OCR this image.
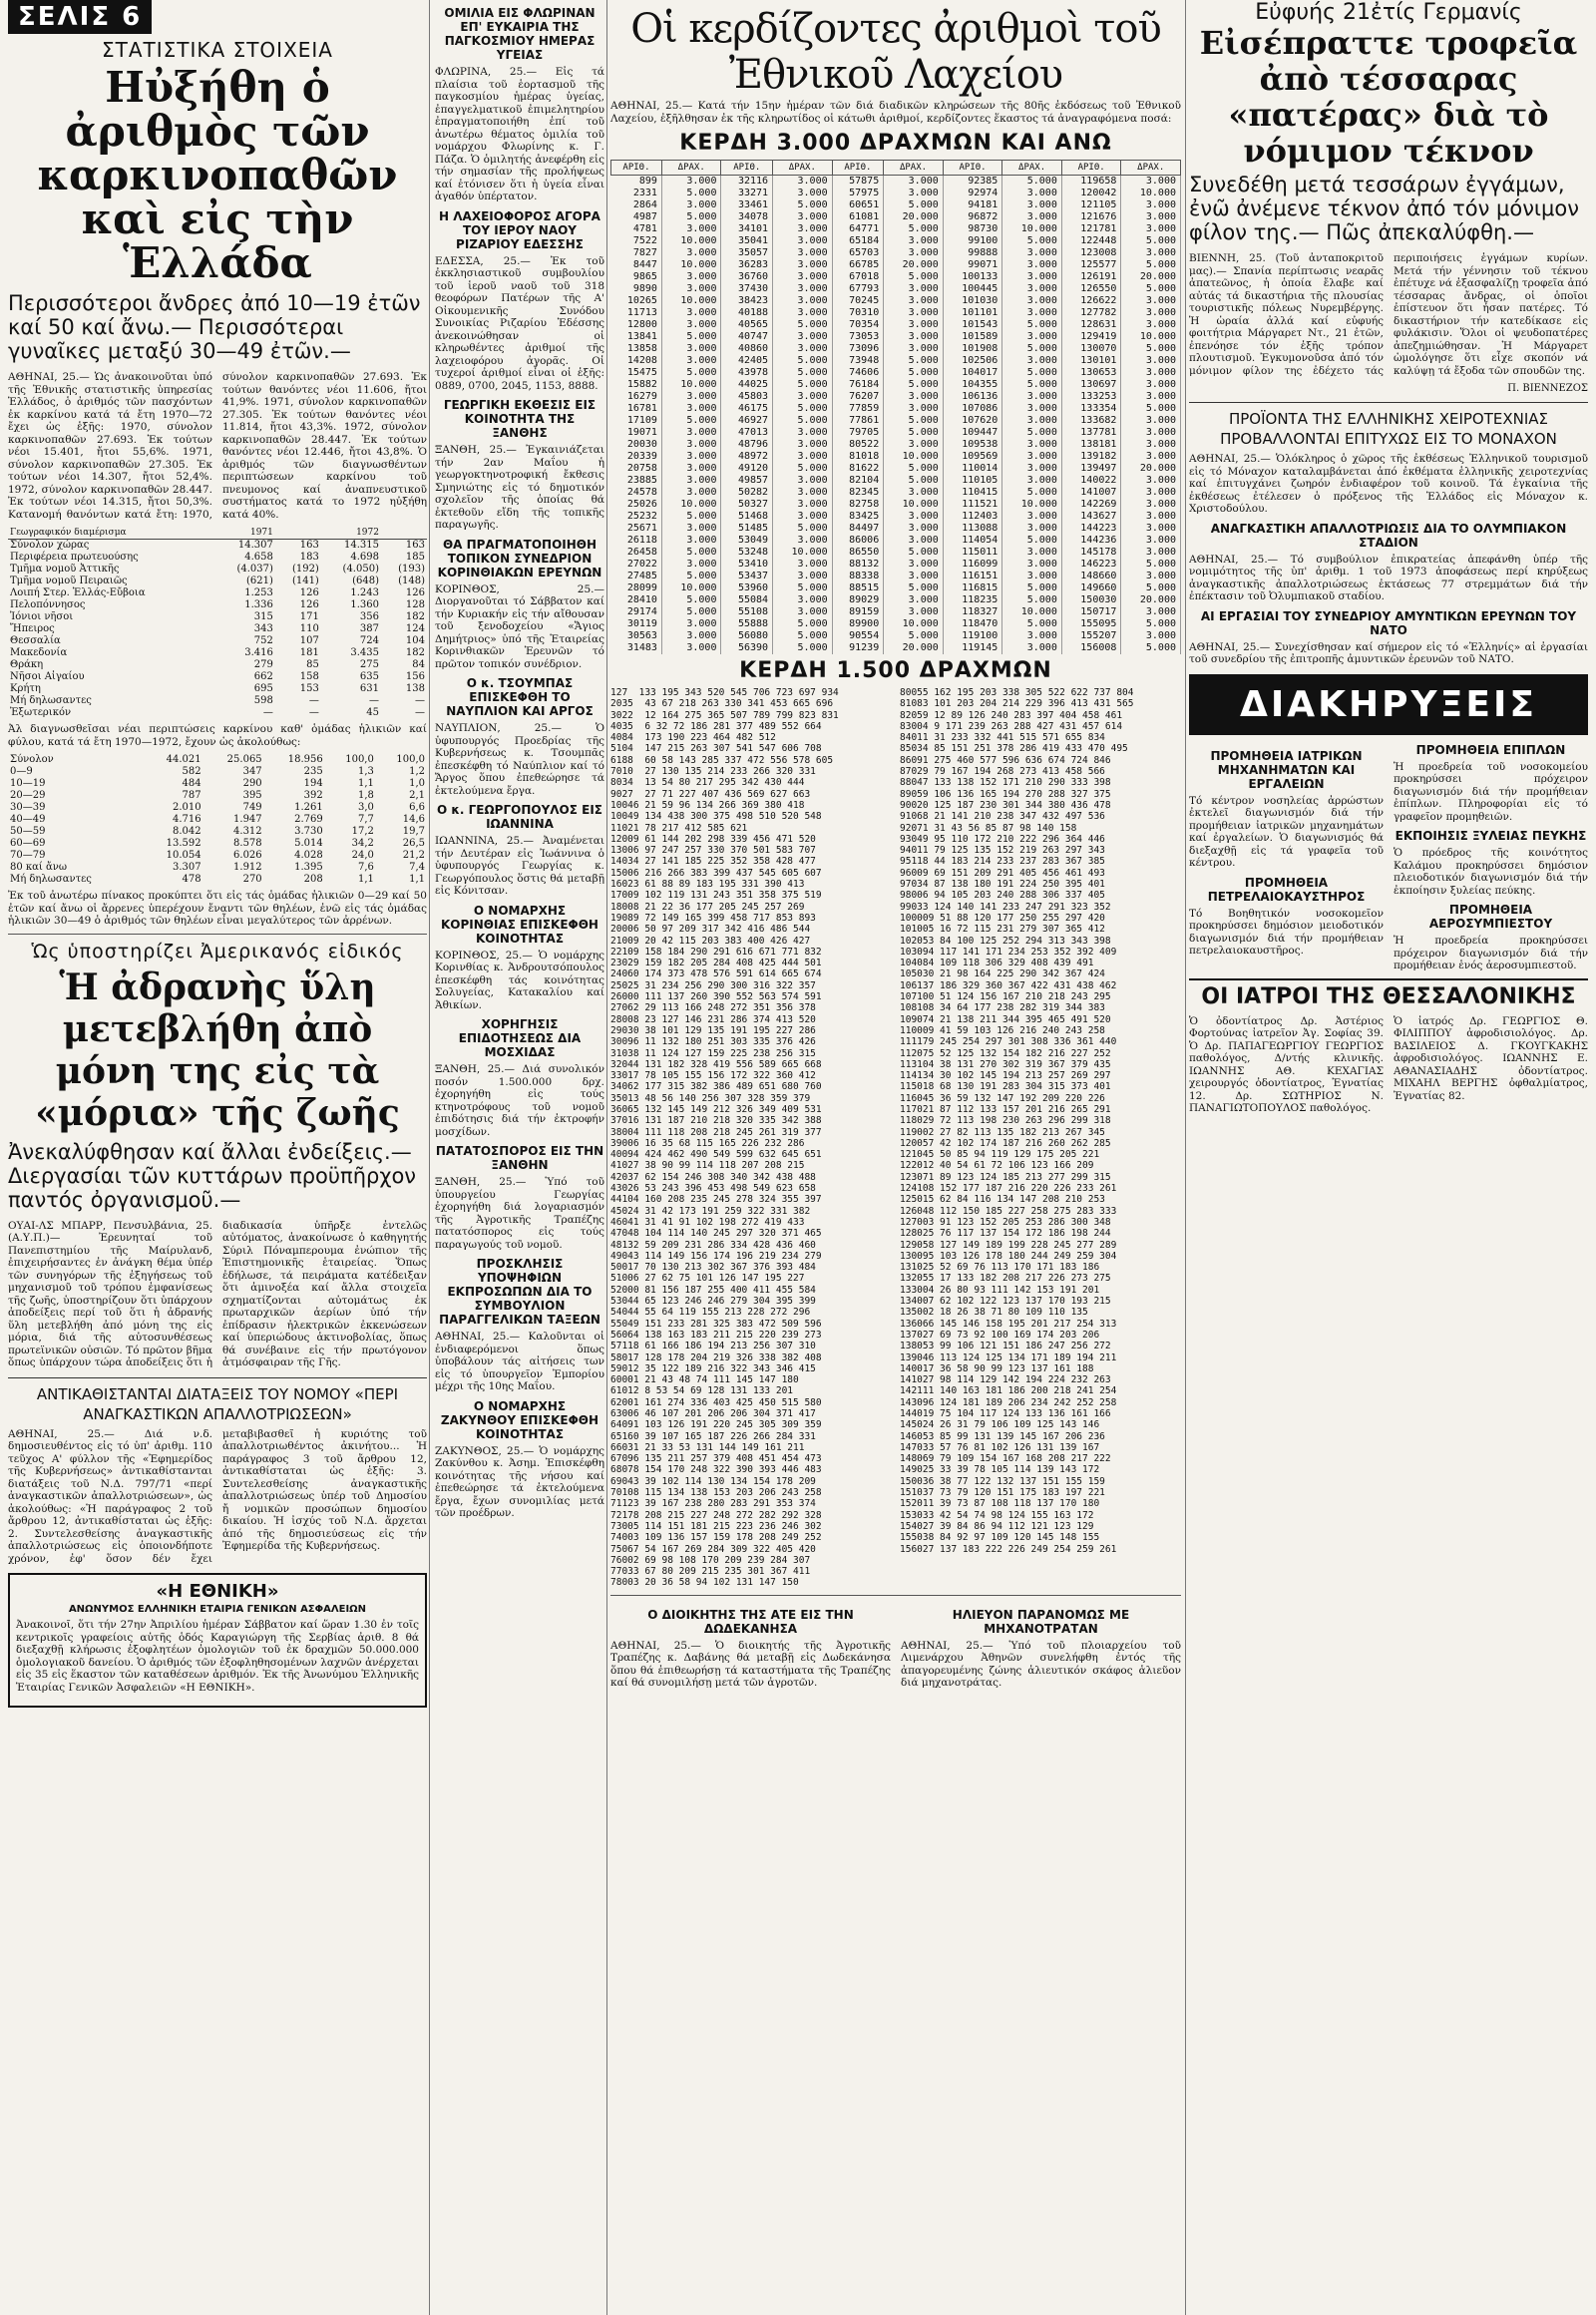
ΣΕΛΙΣ 6
ΣΤΑΤΙΣΤΙΚΑ ΣΤΟΙΧΕΙΑ
Ηὐξήθη ὁ ἀριθμὸς τῶν καρκινοπαθῶν καὶ εἰς τὴν Ἑλλάδα
Περισσότεροι ἄνδρες ἀπό 10—19 ἐτῶν καί 50 καί ἄνω.— Περισσότεραι γυναῖκες μεταξύ 30—49 ἐτῶν.—
ΑΘΗΝΑΙ, 25.— Ὡς ἀνακοινοῦται ὑπό τῆς Ἐθνικῆς στατιστικῆς ὑπηρεσίας Ἑλλάδος, ὁ ἀριθμός τῶν πασχόντων ἐκ καρκίνου κατά τά ἔτη 1970—72 ἔχει ὡς ἑξῆς: 1970, σύνολον καρκινοπαθῶν 27.693. Ἐκ τούτων νέοι 15.401, ἤτοι 55,6%. 1971, σύνολον καρκινοπαθῶν 27.305. Ἐκ τούτων νέοι 14.307, ἤτοι 52,4%. 1972, σύνολον καρκινοπαθῶν 28.447. Ἐκ τούτων νέοι 14.315, ἤτοι 50,3%. Κατανομή θανόντων κατά ἔτη: 1970, σύνολον καρκινοπαθῶν 27.693. Ἐκ τούτων θανόντες νέοι 11.606, ἤτοι 41,9%. 1971, σύνολον καρκινοπαθῶν 27.305. Ἐκ τούτων θανόντες νέοι 11.814, ἤτοι 43,3%. 1972, σύνολον καρκινοπαθῶν 28.447. Ἐκ τούτων θανόντες νέοι 12.446, ἤτοι 43,8%. Ὁ ἀριθμός τῶν διαγνωσθέντων περιπτώσεων καρκίνου τοῦ πνευμονος καί ἀναπνευστικοῦ συστήματος κατά το 1972 ηὐξήθη κατά 40%.
Γεωγραφικόν διαμέρισμα	1971		1972	
Σύνολον χώρας	14.307	163	14.315	163
Περιφέρεια πρωτευούσης	4.658	183	4.698	185
Τμῆμα νομοῦ Ἀττικῆς	(4.037)	(192)	(4.050)	(193)
Τμῆμα νομοῦ Πειραιῶς	(621)	(141)	(648)	(148)
Λοιπή Στερ. Ἑλλάς-Εὔβοια	1.253	126	1.243	126
Πελοπόννησος	1.336	126	1.360	128
Ἰόνιοι νῆσοι	315	171	356	182
Ἤπειρος	343	110	387	124
Θεσσαλία	752	107	724	104
Μακεδονία	3.416	181	3.435	182
Θράκη	279	85	275	84
Νῆσοι Αἰγαίου	662	158	635	156
Κρήτη	695	153	631	138
Μή δηλωσαντες	598	—	—	—
Ἐξωτερικόν	—	—	45	—
Ἀλ διαγνωσθεῖσαι νέαι περιπτώσεις καρκίνου καθ' ὁμάδας ἡλικιῶν καί φύλου, κατά τά ἔτη 1970—1972, ἔχουν ὡς ἀκολούθως:
Σύνολον	44.021	25.065	18.956	100,0	100,0
0—9	582	347	235	1,3	1,2
10—19	484	290	194	1,1	1,0
20—29	787	395	392	1,8	2,1
30—39	2.010	749	1.261	3,0	6,6
40—49	4.716	1.947	2.769	7,7	14,6
50—59	8.042	4.312	3.730	17,2	19,7
60—69	13.592	8.578	5.014	34,2	26,5
70—79	10.054	6.026	4.028	24,0	21,2
80 καί ἄνω	3.307	1.912	1.395	7,6	7,4
Μή δηλωσαντες	478	270	208	1,1	1,1
Ἐκ τοῦ ἀνωτέρω πίνακος προκύπτει ὅτι εἰς τάς ὁμάδας ἡλικιῶν 0—29 καί 50 ἐτῶν καί ἄνω οἱ ἄρρενες ὑπερέχουν ἔναντι τῶν θηλέων, ἐνῶ εἰς τάς ὁμάδας ἡλικιῶν 30—49 ὁ ἀριθμός τῶν θηλέων εἶναι μεγαλύτερος τῶν ἀρρένων.
Ὡς ὑποστηρίζει Ἀμερικανός εἰδικός
Ἡ ἀδρανὴς ὕλη μετεβλήθη ἀπὸ μόνη της εἰς τὰ «μόρια» τῆς ζωῆς
Ἀνεκαλύφθησαν καί ἄλλαι ἐνδείξεις.— Διεργασίαι τῶν κυττάρων προϋπῆρχον παντός ὀργανισμοῦ.—
ΟΥΑΙ-ΛΣ ΜΠΑΡΡ, Πενσυλβάνια, 25. (Α.Υ.Π.)— Ἐρευνηταί τοῦ Πανεπιστημίου τῆς Μαίρυλανδ, ἐπιχειρήσαντες ἐν ἀνάγκη θέμα ὑπέρ τῶν συνηγόρων τῆς ἐξηγήσεως τοῦ μηχανισμοῦ τοῦ τρόπου ἐμφανίσεως τῆς ζωῆς, ὑποστηρίζουν ὅτι ὑπάρχουν ἀποδείξεις περί τοῦ ὅτι ἡ ἀδρανής ὕλη μετεβλήθη ἀπό μόνη της εἰς μόρια, διά τῆς αὐτοσυνθέσεως πρωτεϊνικῶν οὐσιῶν. Τό πρῶτον βῆμα ὅπως ὑπάρχουν τώρα ἀποδείξεις ὅτι ἡ διαδικασία ὑπῆρξε ἐντελῶς αὐτόματος, ἀνακοίνωσε ὁ καθηγητής Σύριλ Πόναμπερουμα ἐνώπιον τῆς Ἐπιστημονικῆς ἑταιρείας. Ὅπως ἐδήλωσε, τά πειράματα κατέδειξαν ὅτι ἀμινοξέα καί ἄλλα στοιχεῖα σχηματίζονται αὐτομάτως ἐκ πρωταρχικῶν ἀερίων ὑπό τήν ἐπίδρασιν ἠλεκτρικῶν ἐκκενώσεων καί ὑπεριώδους ἀκτινοβολίας, ὅπως θά συνέβαινε εἰς τήν πρωτόγονον ἀτμόσφαιραν τῆς Γῆς.
ΑΝΤΙΚΑΘΙΣΤΑΝΤΑΙ ΔΙΑΤΑΞΕΙΣ ΤΟΥ ΝΟΜΟΥ «ΠΕΡΙ ΑΝΑΓΚΑΣΤΙΚΩΝ ΑΠΑΛΛΟΤΡΙΩΣΕΩΝ»
ΑΘΗΝΑΙ, 25.— Διά ν.δ. δημοσιευθέντος εἰς τό ὑπ' ἀριθμ. 110 τεῦχος Α' φύλλον τῆς «Ἐφημερίδος τῆς Κυβερνήσεως» ἀντικαθίστανται διατάξεις τοῦ Ν.Δ. 797/71 «περί ἀναγκαστικῶν ἀπαλλοτριώσεων», ὡς ἀκολούθως: «Ἡ παράγραφος 2 τοῦ ἄρθρου 12, ἀντικαθίσταται ὡς ἑξῆς: 2. Συντελεσθείσης ἀναγκαστικῆς ἀπαλλοτριώσεως εἰς ὁποιονδήποτε χρόνον, ἐφ' ὅσον δέν ἔχει μεταβιβασθεῖ ἡ κυριότης τοῦ ἀπαλλοτριωθέντος ἀκινήτου... Ἡ παράγραφος 3 τοῦ ἄρθρου 12, ἀντικαθίσταται ὡς ἑξῆς: 3. Συντελεσθείσης ἀναγκαστικῆς ἀπαλλοτριώσεως ὑπέρ τοῦ Δημοσίου ἤ νομικῶν προσώπων δημοσίου δικαίου. Ἡ ἰσχύς τοῦ Ν.Δ. ἄρχεται ἀπό τῆς δημοσιεύσεως εἰς τήν Ἐφημερίδα τῆς Κυβερνήσεως.
«Η ΕΘΝΙΚΗ»
ΑΝΩΝΥΜΟΣ ΕΛΛΗΝΙΚΗ ΕΤΑΙΡΙΑ ΓΕΝΙΚΩΝ ΑΣΦΑΛΕΙΩΝ
Ἀνακοινοῖ, ὅτι τήν 27ην Ἀπριλίου ἡμέραν Σάββατον καί ὥραν 1.30 ἐν τοῖς κεντρικοῖς γραφείοις αὐτῆς ὁδός Καραγιώργη τῆς Σερβίας ἀριθ. 8 θά διεξαχθῇ κλήρωσις ἐξοφλητέων ὁμολογιῶν τοῦ ἐκ δραχμῶν 50.000.000 ὁμολογιακοῦ δανείου. Ὁ ἀριθμός τῶν ἐξοφληθησομένων λαχνῶν ἀνέρχεται εἰς 35 εἰς ἕκαστον τῶν καταθέσεων ἀριθμόν. Ἐκ τῆς Ἀνωνύμου Ἑλληνικῆς Ἑταιρίας Γενικῶν Ἀσφαλειῶν «Η ΕΘΝΙΚΗ».
ΟΜΙΛΙΑ ΕΙΣ ΦΛΩΡΙΝΑΝ ΕΠ' ΕΥΚΑΙΡΙΑ ΤΗΣ ΠΑΓΚΟΣΜΙΟΥ ΗΜΕΡΑΣ ΥΓΕΙΑΣ
ΦΛΩΡΙΝΑ, 25.— Εἰς τά πλαίσια τοῦ ἑορτασμοῦ τῆς παγκοσμίου ἡμέρας ὑγείας, ἐπαγγελματικοῦ ἐπιμελητηρίου ἐπραγματοποιήθη ἐπί τοῦ ἀνωτέρω θέματος ὁμιλία τοῦ νομάρχου Φλωρίνης κ. Γ. Πάζα. Ὁ ὁμιλητής ἀνεφέρθη εἰς τήν σημασίαν τῆς προλήψεως καί ἐτόνισεν ὅτι ἡ ὑγεία εἶναι ἀγαθόν ὑπέρτατον.
Η ΛΑΧΕΙΟΦΟΡΟΣ ΑΓΟΡΑ ΤΟΥ ΙΕΡΟΥ ΝΑΟΥ ΡΙΖΑΡΙΟΥ ΕΔΕΣΣΗΣ
ΕΔΕΣΣΑ, 25.— Ἐκ τοῦ ἐκκλησιαστικοῦ συμβουλίου τοῦ ἱεροῦ ναοῦ τοῦ 318 θεοφόρων Πατέρων τῆς Α' Οἰκουμενικῆς Συνόδου Συνοικίας Ριζαρίου Ἐδέσσης ἀνεκοινώθησαν οἱ κληρωθέντες ἀριθμοί τῆς λαχειοφόρου ἀγορᾶς. Οἱ τυχεροί ἀριθμοί εἶναι οἱ ἑξῆς: 0889, 0700, 2045, 1153, 8888.
ΓΕΩΡΓΙΚΗ ΕΚΘΕΣΙΣ ΕΙΣ ΚΟΙΝΟΤΗΤΑ ΤΗΣ ΞΑΝΘΗΣ
ΞΑΝΘΗ, 25.— Ἐγκαινιάζεται τήν 2αν Μαΐου ἡ γεωργοκτηνοτροφική ἔκθεσις Σμηνιώτης εἰς τό δημοτικόν σχολεῖον τῆς ὁποίας θά ἐκτεθοῦν εἴδη τῆς τοπικῆς παραγωγῆς.
ΘΑ ΠΡΑΓΜΑΤΟΠΟΙΗΘΗ ΤΟΠΙΚΟΝ ΣΥΝΕΔΡΙΟΝ ΚΟΡΙΝΘΙΑΚΩΝ ΕΡΕΥΝΩΝ
ΚΟΡΙΝΘΟΣ, 25.— Διοργανοῦται τό Σάββατον καί τήν Κυριακήν εἰς τήν αἴθουσαν τοῦ ξενοδοχείου «Ἄγιος Δημήτριος» ὑπό τῆς Ἑταιρείας Κορινθιακῶν Ἐρευνῶν τό πρῶτον τοπικόν συνέδριον.
Ο κ. ΤΣΟΥΜΠΑΣ ΕΠΙΣΚΕΦΘΗ ΤΟ ΝΑΥΠΛΙΟΝ ΚΑΙ ΑΡΓΟΣ
ΝΑΥΠΛΙΟΝ, 25.— Ὁ ὑφυπουργός Προεδρίας τῆς Κυβερνήσεως κ. Τσουμπᾶς ἐπεσκέφθη τό Ναύπλιον καί τό Ἄργος ὅπου ἐπεθεώρησε τά ἐκτελούμενα ἔργα.
Ο κ. ΓΕΩΡΓΟΠΟΥΛΟΣ ΕΙΣ ΙΩΑΝΝΙΝΑ
ΙΩΑΝΝΙΝΑ, 25.— Ἀναμένεται τήν Δευτέραν εἰς Ἰωάννινα ὁ ὑφυπουργός Γεωργίας κ. Γεωργόπουλος ὅστις θά μεταβῇ εἰς Κόνιτσαν.
Ο ΝΟΜΑΡΧΗΣ ΚΟΡΙΝΘΙΑΣ ΕΠΙΣΚΕΦΘΗ ΚΟΙΝΟΤΗΤΑΣ
ΚΟΡΙΝΘΟΣ, 25.— Ὁ νομάρχης Κορινθίας κ. Ἀνδρουτσόπουλος ἐπεσκέφθη τάς κοινότητας Σολυγείας, Κατακαλίου καί Ἀθικίων.
ΧΟΡΗΓΗΣΙΣ ΕΠΙΔΟΤΗΣΕΩΣ ΔΙΑ ΜΟΣΧΙΔΑΣ
ΞΑΝΘΗ, 25.— Διά συνολικόν ποσόν 1.500.000 δρχ. ἐχορηγήθη εἰς τούς κτηνοτρόφους τοῦ νομοῦ ἐπιδότησις διά τήν ἐκτροφήν μοσχίδων.
ΠΑΤΑΤΟΣΠΟΡΟΣ ΕΙΣ ΤΗΝ ΞΑΝΘΗΝ
ΞΑΝΘΗ, 25.— Ὑπό τοῦ ὑπουργείου Γεωργίας ἐχορηγήθη διά λογαριασμόν τῆς Ἀγροτικῆς Τραπέζης πατατόσπορος εἰς τούς παραγωγούς τοῦ νομοῦ.
ΠΡΟΣΚΛΗΣΙΣ ΥΠΟΨΗΦΙΩΝ ΕΚΠΡΟΣΩΠΩΝ ΔΙΑ ΤΟ ΣΥΜΒΟΥΛΙΟΝ ΠΑΡΑΓΓΕΛΙΚΩΝ ΤΑΞΕΩΝ
ΑΘΗΝΑΙ, 25.— Καλοῦνται οἱ ἐνδιαφερόμενοι ὅπως ὑποβάλουν τάς αἰτήσεις των εἰς τό ὑπουργεῖον Ἐμπορίου μέχρι τῆς 10ης Μαΐου.
Ο ΝΟΜΑΡΧΗΣ ΖΑΚΥΝΘΟΥ ΕΠΙΣΚΕΦΘΗ ΚΟΙΝΟΤΗΤΑΣ
ΖΑΚΥΝΘΟΣ, 25.— Ὁ νομάρχης Ζακύνθου κ. Ἀσημ. Ἐπισκέφθη κοινότητας τῆς νήσου καί ἐπεθεώρησε τά ἐκτελούμενα ἔργα, ἔχων συνομιλίας μετά τῶν προέδρων.
Οἱ κερδίζοντες ἀριθμοὶ τοῦ Ἐθνικοῦ Λαχείου
ΑΘΗΝΑΙ, 25.— Κατά τήν 15ην ἡμέραν τῶν διά διαδικῶν κληρώσεων τῆς 80ῆς ἐκδόσεως τοῦ Ἐθνικοῦ Λαχείου, ἐξῆλθησαν ἐκ τῆς κληρωτίδος οἱ κάτωθι ἀριθμοί, κερδίζοντες ἕκαστος τά ἀναγραφόμενα ποσά:
ΚΕΡΔΗ 3.000 ΔΡΑΧΜΩΝ ΚΑΙ ΑΝΩ
ΑΡΙΘ.	ΔΡΑΧ.	ΑΡΙΘ.	ΔΡΑΧ.	ΑΡΙΘ.	ΔΡΑΧ.	ΑΡΙΘ.	ΔΡΑΧ.	ΑΡΙΘ.	ΔΡΑΧ.
899	3.000	32116	3.000	57875	3.000	92385	5.000	119658	3.000
2331	5.000	33271	3.000	57975	3.000	92974	3.000	120042	10.000
2864	3.000	33461	5.000	60651	5.000	94181	3.000	121105	3.000
4987	5.000	34078	3.000	61081	20.000	96872	3.000	121676	3.000
4781	3.000	34101	3.000	64771	5.000	98730	10.000	121781	3.000
7522	10.000	35041	3.000	65184	3.000	99100	5.000	122448	5.000
7827	3.000	35057	3.000	65703	3.000	99888	3.000	123008	3.000
8447	10.000	36283	3.000	66785	20.000	99071	3.000	125577	5.000
9865	3.000	36760	3.000	67018	5.000	100133	3.000	126191	20.000
9890	3.000	37430	3.000	67793	3.000	100445	3.000	126550	5.000
10265	10.000	38423	3.000	70245	3.000	101030	3.000	126622	3.000
11713	3.000	40188	3.000	70310	3.000	101101	3.000	127782	3.000
12800	3.000	40565	5.000	70354	3.000	101543	5.000	128631	3.000
13841	5.000	40747	3.000	73053	3.000	101589	3.000	129419	10.000
13858	3.000	40860	3.000	73096	3.000	101908	5.000	130070	5.000
14208	3.000	42405	5.000	73948	5.000	102506	3.000	130101	3.000
15475	5.000	43978	5.000	74606	5.000	104017	5.000	130653	3.000
15882	10.000	44025	5.000	76184	5.000	104355	5.000	130697	3.000
16279	3.000	45803	3.000	76207	3.000	106136	3.000	133253	3.000
16781	3.000	46175	5.000	77859	3.000	107086	3.000	133354	5.000
17109	5.000	46927	5.000	77861	5.000	107620	3.000	133682	3.000
19071	3.000	47013	3.000	79705	5.000	109447	5.000	137781	3.000
20030	3.000	48796	3.000	80522	3.000	109538	3.000	138181	3.000
20339	3.000	48972	3.000	81018	10.000	109569	3.000	139182	3.000
20758	3.000	49120	5.000	81622	5.000	110014	3.000	139497	20.000
23885	3.000	49857	3.000	82104	5.000	110105	3.000	140022	3.000
24578	3.000	50282	3.000	82345	3.000	110415	5.000	141007	3.000
25026	10.000	50327	3.000	82758	10.000	111521	10.000	142269	3.000
25232	5.000	51468	3.000	83425	3.000	112403	3.000	143627	3.000
25671	3.000	51485	5.000	84497	3.000	113088	3.000	144223	3.000
26118	3.000	53049	3.000	86006	3.000	114054	5.000	144236	3.000
26458	5.000	53248	10.000	86550	5.000	115011	3.000	145178	3.000
27022	3.000	53410	3.000	88132	3.000	116099	3.000	146223	5.000
27485	5.000	53437	3.000	88338	3.000	116151	3.000	148660	3.000
28099	10.000	53960	5.000	88515	5.000	116815	5.000	149660	5.000
28410	5.000	55084	3.000	89029	3.000	118235	5.000	150030	20.000
29174	5.000	55108	3.000	89159	3.000	118327	10.000	150717	3.000
30119	3.000	55888	5.000	89900	10.000	118470	5.000	155095	5.000
30563	3.000	56080	5.000	90554	5.000	119100	3.000	155207	3.000
31483	3.000	56390	5.000	91239	20.000	119145	3.000	156008	5.000
ΚΕΡΔΗ 1.500 ΔΡΑΧΜΩΝ
127  133 195 343 520 545 706 723 697 934
2035  43 67 218 263 330 341 453 665 696
3022  12 164 275 365 507 789 799 823 831
4035  6 32 72 186 281 377 489 552 664
4084  173 190 223 464 482 512
5104  147 215 263 307 541 547 606 708
6188  60 58 143 285 337 472 556 578 605
7010  27 130 135 214 233 266 320 331
8034  13 54 80 217 295 342 430 444
9027  27 71 227 407 436 569 627 663
10046 21 59 96 134 266 369 380 418
10049 134 438 300 375 498 510 520 548
11021 78 217 412 585 621
12009 61 144 202 298 339 456 471 520
13006 97 247 257 330 370 501 583 707
14034 27 141 185 225 352 358 428 477
15006 216 266 383 399 437 545 605 607
16023 61 88 89 183 195 331 390 413
17009 102 119 131 243 351 358 375 519
18008 21 22 36 177 205 245 257 269
19089 72 149 165 399 458 717 853 893
20006 50 97 209 317 342 416 486 544
21009 20 42 115 203 383 400 426 427
22109 158 184 290 291 616 671 771 832
23029 159 182 205 284 408 425 444 501
24060 174 373 478 576 591 614 665 674
25025 31 234 256 290 300 316 322 357
26000 111 137 260 390 552 563 574 591
27062 29 113 166 248 272 351 356 378
28008 23 127 146 231 286 374 413 520
29030 38 101 129 135 191 195 227 286
30096 11 132 180 251 303 335 376 426
31038 11 124 127 159 225 238 256 315
32044 131 182 328 419 556 589 665 668
33017 78 105 155 156 172 322 360 412
34062 177 315 382 386 489 651 680 760
35013 48 56 140 256 307 328 359 379
36065 132 145 149 212 326 349 409 531
37016 131 187 210 218 320 335 342 388
38004 111 118 208 218 245 261 319 377
39006 16 35 68 115 165 226 232 286
40094 424 462 490 549 599 632 645 651
41027 38 90 99 114 118 207 208 215
42037 62 154 246 308 340 342 438 488
43026 53 243 396 453 498 549 623 658
44104 160 208 235 245 278 324 355 397
45024 31 42 173 191 259 322 331 382
46041 31 41 91 102 198 272 419 433
47048 104 114 140 245 297 320 371 465
48132 59 209 231 286 334 428 436 460
49043 114 149 156 174 196 219 234 279
50017 70 130 213 302 367 376 393 484
51006 27 62 75 101 126 147 195 227
52000 81 156 187 255 400 411 455 584
53044 65 123 246 246 279 304 395 399
54044 55 64 119 155 213 228 272 296
55049 151 233 281 325 383 472 509 596
56064 138 163 183 211 215 220 239 273
57118 61 166 186 194 213 256 307 310
58017 128 178 204 219 326 338 382 408
59012 35 122 189 216 322 343 346 415
60001 21 43 48 74 111 145 147 180
61012 8 53 54 69 128 131 133 201
62001 161 274 336 403 425 450 515 580
63006 46 107 201 206 206 304 371 417
64091 103 126 191 220 245 305 309 359
65160 39 107 165 187 226 266 284 331
66031 21 33 53 131 144 149 161 211
67096 135 211 257 379 408 451 454 473
68078 154 170 248 322 390 393 446 483
69043 39 102 114 130 134 154 178 209
70108 115 134 138 153 203 206 243 258
71123 39 167 238 280 283 291 353 374
72178 208 215 227 248 272 282 292 328
73005 114 151 181 215 223 236 246 302
74003 109 136 157 159 178 208 249 252
75067 54 167 269 284 309 322 405 420
76002 69 98 108 170 209 239 284 307
77033 67 80 209 215 235 301 367 411
78003 20 36 58 94 102 131 147 150
80055 162 195 203 338 305 522 622 737 804
81083 101 203 204 214 229 396 413 431 565
82059 12 89 126 240 283 397 404 458 461
83004 9 171 239 263 288 427 431 457 614
84011 31 233 332 441 515 571 655 834
85034 85 151 251 378 286 419 433 470 495
86091 275 460 577 596 636 674 724 846
87029 79 167 194 268 273 413 458 566
88047 133 138 152 171 210 290 333 398
89059 106 136 165 194 270 288 327 375
90020 125 187 230 301 344 380 436 478
91068 21 141 210 238 347 432 497 536
92071 31 43 56 85 87 98 140 158
93049 95 110 172 210 222 296 364 446
94011 79 125 135 152 219 263 297 343
95118 44 183 214 233 237 283 367 385
96009 69 151 209 291 405 456 461 493
97034 87 138 180 191 224 250 395 401
98006 94 105 203 240 288 306 337 405
99033 124 140 141 233 247 291 323 352
100009 51 88 120 177 250 255 297 420
101005 16 72 115 231 279 307 365 412
102053 84 100 125 252 294 313 343 398
103094 117 141 171 234 253 352 392 409
104084 109 118 306 329 408 439 491
105030 21 98 164 225 290 342 367 424
106137 186 329 360 367 422 431 438 462
107100 51 124 156 167 210 218 243 295
108108 34 64 177 238 282 319 344 383
109074 21 138 211 344 395 465 491 520
110009 41 59 103 126 216 240 243 258
111179 245 254 297 301 308 336 361 440
112075 52 125 132 154 182 216 227 252
113104 38 131 270 302 319 367 379 435
114134 30 102 145 194 213 257 269 297
115018 68 130 191 283 304 315 373 401
116045 36 59 132 147 192 209 220 226
117021 87 112 133 157 201 216 265 291
118029 72 113 198 230 263 296 299 318
119002 27 82 113 135 182 213 267 345
120057 42 102 174 187 216 260 262 285
121045 50 85 94 119 129 175 205 221
122012 40 54 61 72 106 123 166 209
123071 89 123 124 185 213 277 299 315
124108 152 177 187 216 220 226 233 261
125015 62 84 116 134 147 208 210 253
126048 112 150 185 227 258 275 283 333
127003 91 123 152 205 253 286 300 348
128025 76 117 137 154 172 186 198 244
129058 127 149 189 199 228 245 277 289
130095 103 126 178 180 244 249 259 304
131025 52 69 76 113 170 171 183 186
132055 17 133 182 208 217 226 273 275
133004 26 80 93 111 142 153 191 201
134007 62 102 122 123 137 170 193 215
135002 18 26 38 71 80 109 110 135
136066 145 146 158 195 201 217 254 313
137027 69 73 92 100 169 174 203 206
138053 99 106 121 151 186 247 256 272
139046 113 124 125 134 171 189 194 211
140017 36 58 90 99 123 137 161 188
141027 98 114 129 142 194 224 232 263
142111 140 163 181 186 200 218 241 254
143096 124 181 189 206 234 242 252 258
144019 75 104 117 124 133 136 161 166
145024 26 31 79 106 109 125 143 146
146053 85 99 131 139 145 167 206 236
147033 57 76 81 102 126 131 139 167
148069 79 109 154 167 168 208 217 222
149025 33 39 78 105 114 139 143 172
150036 38 77 122 132 137 151 155 159
151037 73 79 120 151 175 183 197 221
152011 39 73 87 108 118 137 170 180
153033 42 54 74 98 124 155 163 172
154027 39 84 86 94 112 121 123 129
155038 84 92 97 109 120 145 148 155
156027 137 183 222 226 249 254 259 261
Ο ΔΙΟΙΚΗΤΗΣ ΤΗΣ ΑΤΕ ΕΙΣ ΤΗΝ ΔΩΔΕΚΑΝΗΣΑ
ΑΘΗΝΑΙ, 25.— Ὁ διοικητής τῆς Ἀγροτικῆς Τραπέζης κ. Δαβάνης θά μεταβῇ εἰς Δωδεκάνησα ὅπου θά ἐπιθεωρήσῃ τά καταστήματα τῆς Τραπέζης καί θά συνομιλήσῃ μετά τῶν ἀγροτῶν.
ΗΛΙΕΥΟΝ ΠΑΡΑΝΟΜΩΣ ΜΕ ΜΗΧΑΝΟΤΡΑΤΑΝ
ΑΘΗΝΑΙ, 25.— Ὑπό τοῦ πλοιαρχείου τοῦ Λιμενάρχου Ἀθηνῶν συνελήφθη ἐντός τῆς ἀπαγορευμένης ζώνης ἁλιευτικόν σκάφος ἁλιεῦον διά μηχανοτράτας.
Εὐφυής 21ἐτίς Γερμανίς
Εἰσέπραττε τροφεῖα ἀπὸ τέσσαρας «πατέρας» διὰ τὸ νόμιμον τέκνον
Συνεδέθη μετά τεσσάρων ἐγγάμων, ἐνῶ ἀνέμενε τέκνον ἀπό τόν μόνιμον φίλον της.— Πῶς ἀπεκαλύφθη.—
ΒΙΕΝΝΗ, 25. (Τοῦ ἀνταποκριτοῦ μας).— Σπανία περίπτωσις νεαρᾶς ἀπατεῶνος, ἡ ὁποία ἔλαβε καί αὐτάς τά δικαστήρια τῆς πλουσίας τουριστικῆς πόλεως Νυρεμβέργης. Ἡ ὡραία ἀλλά καί εὐφυής φοιτήτρια Μάργαρετ Ντ., 21 ἐτῶν, ἐπενόησε τόν ἑξῆς τρόπον πλουτισμοῦ. Ἐγκυμονοῦσα ἀπό τόν μόνιμον φίλον της ἐδέχετο τάς περιποιήσεις ἐγγάμων κυρίων. Μετά τήν γέννησιν τοῦ τέκνου ἐπέτυχε νά ἐξασφαλίζῃ τροφεῖα ἀπό τέσσαρας ἄνδρας, οἱ ὁποῖοι ἐπίστευον ὅτι ἦσαν πατέρες. Τό δικαστήριον τήν κατεδίκασε εἰς φυλάκισιν. Ὅλοι οἱ ψευδοπατέρες ἀπεζημιώθησαν. Ἡ Μάργαρετ ὡμολόγησε ὅτι εἶχε σκοπόν νά καλύψῃ τά ἔξοδα τῶν σπουδῶν της.
Π. ΒΙΕΝΝΕΖΟΣ
ΠΡΟΪΟΝΤΑ ΤΗΣ ΕΛΛΗΝΙΚΗΣ ΧΕΙΡΟΤΕΧΝΙΑΣ ΠΡΟΒΑΛΛΟΝΤΑΙ ΕΠΙΤΥΧΩΣ ΕΙΣ ΤΟ ΜΟΝΑΧΟΝ
ΑΘΗΝΑΙ, 25.— Ὁλόκληρος ὁ χῶρος τῆς ἐκθέσεως Ἑλληνικοῦ τουρισμοῦ εἰς τό Μόναχον καταλαμβάνεται ἀπό ἐκθέματα ἑλληνικῆς χειροτεχνίας καί ἐπιτυγχάνει ζωηρόν ἐνδιαφέρον τοῦ κοινοῦ. Τά ἐγκαίνια τῆς ἐκθέσεως ἐτέλεσεν ὁ πρόξενος τῆς Ἑλλάδος εἰς Μόναχον κ. Χριστοδούλου.
ΑΝΑΓΚΑΣΤΙΚΗ ΑΠΑΛΛΟΤΡΙΩΣΙΣ ΔΙΑ ΤΟ ΟΛΥΜΠΙΑΚΟΝ ΣΤΑΔΙΟΝ
ΑΘΗΝΑΙ, 25.— Τό συμβούλιον ἐπικρατείας ἀπεφάνθη ὑπέρ τῆς νομιμότητος τῆς ὑπ' ἀριθμ. 1 τοῦ 1973 ἀποφάσεως περί κηρύξεως ἀναγκαστικῆς ἀπαλλοτριώσεως ἐκτάσεως 77 στρεμμάτων διά τήν ἐπέκτασιν τοῦ Ὀλυμπιακοῦ σταδίου.
ΑΙ ΕΡΓΑΣΙΑΙ ΤΟΥ ΣΥΝΕΔΡΙΟΥ ΑΜΥΝΤΙΚΩΝ ΕΡΕΥΝΩΝ ΤΟΥ ΝΑΤΟ
ΑΘΗΝΑΙ, 25.— Συνεχίσθησαν καί σήμερον εἰς τό «Ἑλληνίς» αἱ ἐργασίαι τοῦ συνεδρίου τῆς ἐπιτροπῆς ἀμυντικῶν ἐρευνῶν τοῦ ΝΑΤΟ.
ΔΙΑΚΗΡΥΞΕΙΣ
ΠΡΟΜΗΘΕΙΑ ΙΑΤΡΙΚΩΝ ΜΗΧΑΝΗΜΑΤΩΝ ΚΑΙ ΕΡΓΑΛΕΙΩΝ
Τό κέντρον νοσηλείας ἀρρώστων ἐκτελεῖ διαγωνισμόν διά τήν προμήθειαν ἰατρικῶν μηχανημάτων καί ἐργαλείων. Ὁ διαγωνισμός θά διεξαχθῇ εἰς τά γραφεῖα τοῦ κέντρου.
ΠΡΟΜΗΘΕΙΑ ΠΕΤΡΕΛΑΙΟΚΑΥΣΤΗΡΟΣ
Τό Βοηθητικόν νοσοκομεῖον προκηρύσσει δημόσιον μειοδοτικόν διαγωνισμόν διά τήν προμήθειαν πετρελαιοκαυστῆρος.
ΠΡΟΜΗΘΕΙΑ ΕΠΙΠΛΩΝ
Ἡ προεδρεία τοῦ νοσοκομείου προκηρύσσει πρόχειρον διαγωνισμόν διά τήν προμήθειαν ἐπίπλων. Πληροφορίαι εἰς τό γραφεῖον προμηθειῶν.
ΕΚΠΟΙΗΣΙΣ ΞΥΛΕΙΑΣ ΠΕΥΚΗΣ
Ὁ πρόεδρος τῆς κοινότητος Καλάμου προκηρύσσει δημόσιον πλειοδοτικόν διαγωνισμόν διά τήν ἐκποίησιν ξυλείας πεύκης.
ΠΡΟΜΗΘΕΙΑ ΑΕΡΟΣΥΜΠΙΕΣΤΟΥ
Ἡ προεδρεία προκηρύσσει πρόχειρον διαγωνισμόν διά τήν προμήθειαν ἑνός ἀεροσυμπιεστοῦ.
ΟΙ ΙΑΤΡΟΙ ΤΗΣ ΘΕΣΣΑΛΟΝΙΚΗΣ
Ὁ ὀδοντίατρος Δρ. Ἀστέριος Φορτούνας ἰατρεῖον Ἀγ. Σοφίας 39. Ὁ Δρ. ΠΑΠΑΓΕΩΡΓΙΟΥ ΓΕΩΡΓΙΟΣ παθολόγος, Δ/ντής κλινικῆς. ΙΩΑΝΝΗΣ ΑΘ. ΚΕΧΑΓΙΑΣ χειρουργός ὀδοντίατρος, Ἐγνατίας 12. Δρ. ΣΩΤΗΡΙΟΣ Ν. ΠΑΝΑΓΙΩΤΟΠΟΥΛΟΣ παθολόγος.
Ὁ ἰατρός Δρ. ΓΕΩΡΓΙΟΣ Θ. ΦΙΛΙΠΠΟΥ ἀφροδισιολόγος. Δρ. ΒΑΣΙΛΕΙΟΣ Δ. ΓΚΟΥΓΚΑΚΗΣ ἀφροδισιολόγος. ΙΩΑΝΝΗΣ Ε. ΑΘΑΝΑΣΙΑΔΗΣ ὀδοντίατρος. ΜΙΧΑΗΛ ΒΕΡΓΗΣ ὀφθαλμίατρος, Ἐγνατίας 82.
